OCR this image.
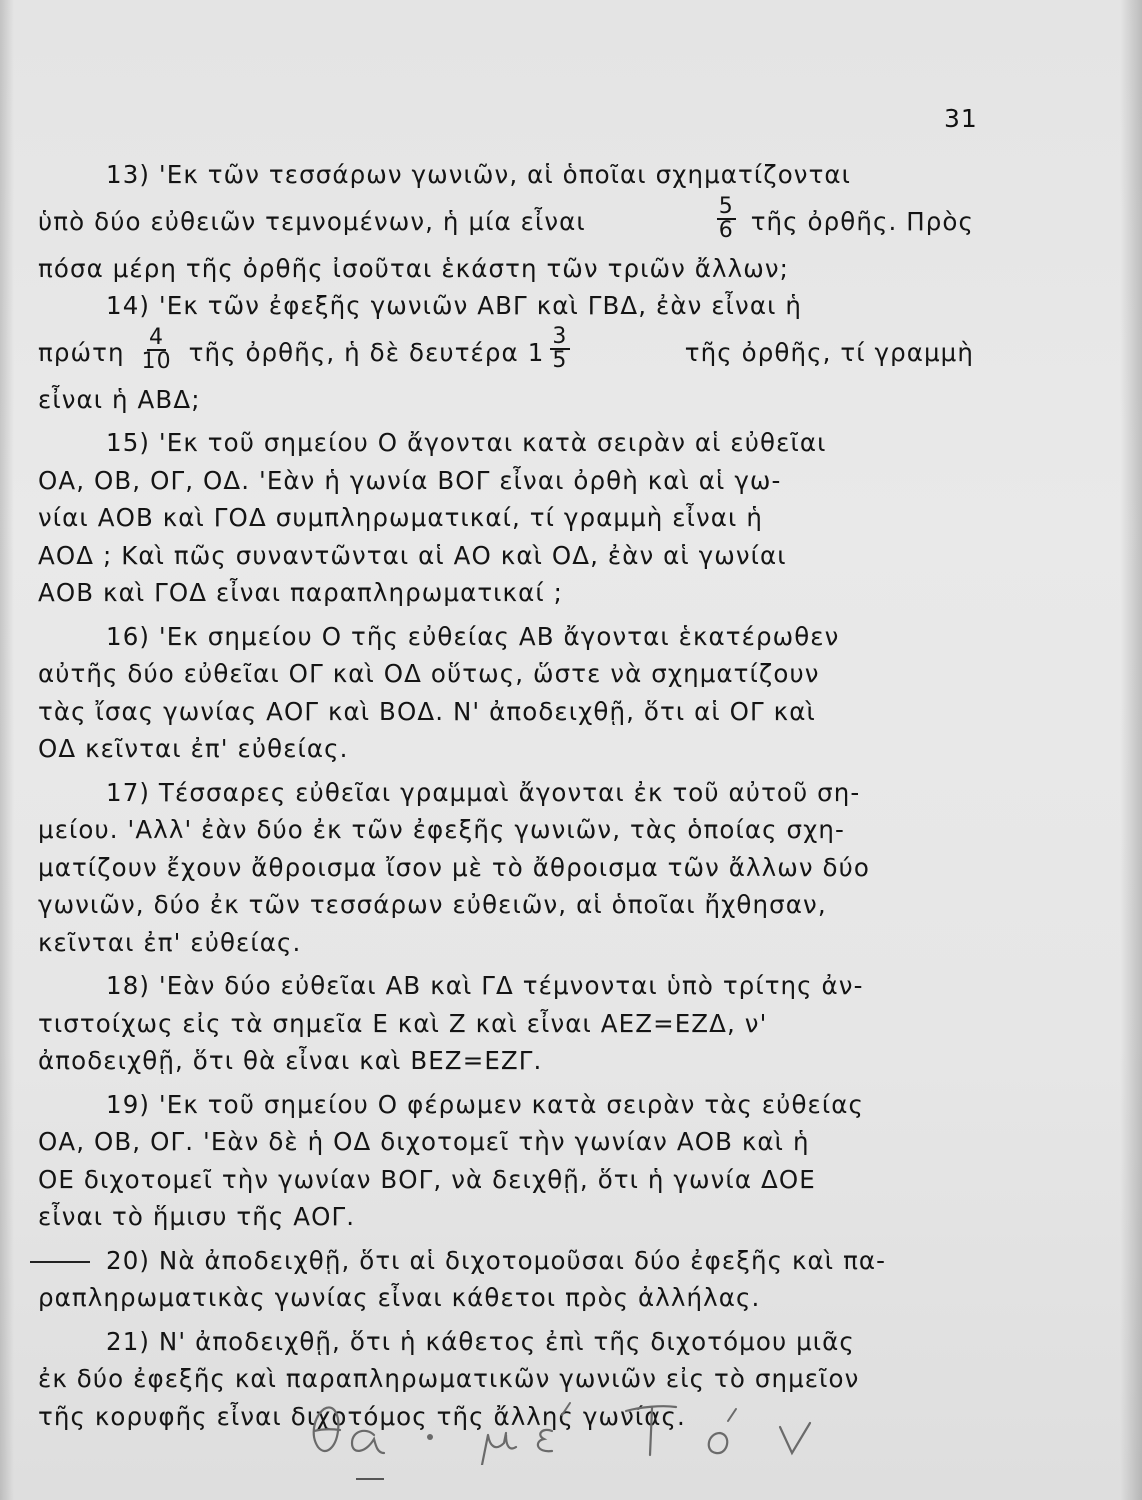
31
13) 'Εκ τῶν τεσσάρων γωνιῶν, αἱ ὁποῖαι σχηματίζονται
ὑπὸ δύο εὐθειῶν τεμνομένων, ἡ μία εἶναι	$\frac{5}{6}$ τῆς ὀρθῆς. Πρὸς
πόσα μέρη τῆς ὀρθῆς ἰσοῦται ἑκάστη τῶν τριῶν ἄλλων;
14) 'Εκ τῶν ἐφεξῆς γωνιῶν ΑΒΓ καὶ ΓΒΔ, ἐὰν εἶναι ἡ
πρώτη $\frac{4}{10}$ τῆς ὀρθῆς, ἡ δὲ δευτέρα $1 \frac{3}{5}$	τῆς ὀρθῆς, τί γραμμὴ
εἶναι ἡ ΑΒΔ;
15) 'Εκ τοῦ σημείου Ο ἄγονται κατὰ σειρὰν αἱ εὐθεῖαι
ΟΑ, ΟΒ, ΟΓ, ΟΔ. 'Εὰν ἡ γωνία ΒΟΓ εἶναι ὀρθὴ καὶ αἱ γω-
νίαι ΑΟΒ καὶ ΓΟΔ συμπληρωματικαί, τί γραμμὴ εἶναι ἡ
ΑΟΔ ; Καὶ πῶς συναντῶνται αἱ ΑΟ καὶ ΟΔ, ἐὰν αἱ γωνίαι
ΑΟΒ καὶ ΓΟΔ εἶναι παραπληρωματικαί ;
16) 'Εκ σημείου Ο τῆς εὐθείας ΑΒ ἄγονται ἑκατέρωθεν
αὐτῆς δύο εὐθεῖαι ΟΓ καὶ ΟΔ οὕτως, ὥστε νὰ σχηματίζουν
τὰς ἴσας γωνίας ΑΟΓ καὶ ΒΟΔ. Ν' ἀποδειχθῇ, ὅτι αἱ ΟΓ καὶ
ΟΔ κεῖνται ἐπ' εὐθείας.
17) Τέσσαρες εὐθεῖαι γραμμαὶ ἄγονται ἐκ τοῦ αὐτοῦ ση-
μείου. 'Αλλ' ἐὰν δύο ἐκ τῶν ἐφεξῆς γωνιῶν, τὰς ὁποίας σχη-
ματίζουν ἔχουν ἄθροισμα ἴσον μὲ τὸ ἄθροισμα τῶν ἄλλων δύο
γωνιῶν, δύο ἐκ τῶν τεσσάρων εὐθειῶν, αἱ ὁποῖαι ἤχθησαν,
κεῖνται ἐπ' εὐθείας.
18) 'Εὰν δύο εὐθεῖαι ΑΒ καὶ ΓΔ τέμνονται ὑπὸ τρίτης ἀν-
τιστοίχως εἰς τὰ σημεῖα Ε καὶ Ζ καὶ εἶναι ΑΕΖ=ΕΖΔ, ν'
ἀποδειχθῇ, ὅτι θὰ εἶναι καὶ ΒΕΖ=ΕΖΓ.
19) 'Εκ τοῦ σημείου Ο φέρωμεν κατὰ σειρὰν τὰς εὐθείας
ΟΑ, ΟΒ, ΟΓ. 'Εὰν δὲ ἡ ΟΔ διχοτομεῖ τὴν γωνίαν ΑΟΒ καὶ ἡ
ΟΕ διχοτομεῖ τὴν γωνίαν ΒΟΓ, νὰ δειχθῇ, ὅτι ἡ γωνία ΔΟΕ
εἶναι τὸ ἥμισυ τῆς ΑΟΓ.
20) Νὰ ἀποδειχθῇ, ὅτι αἱ διχοτομοῦσαι δύο ἐφεξῆς καὶ πα-
ραπληρωματικὰς γωνίας εἶναι κάθετοι πρὸς ἀλλήλας.
21) Ν' ἀποδειχθῇ, ὅτι ἡ κάθετος ἐπὶ τῆς διχοτόμου μιᾶς
ἐκ δύο ἐφεξῆς καὶ παραπληρωματικῶν γωνιῶν εἰς τὸ σημεῖον
τῆς κορυφῆς εἶναι διχοτόμος τῆς ἄλλης γωνίας.
θα - μέ τόν
